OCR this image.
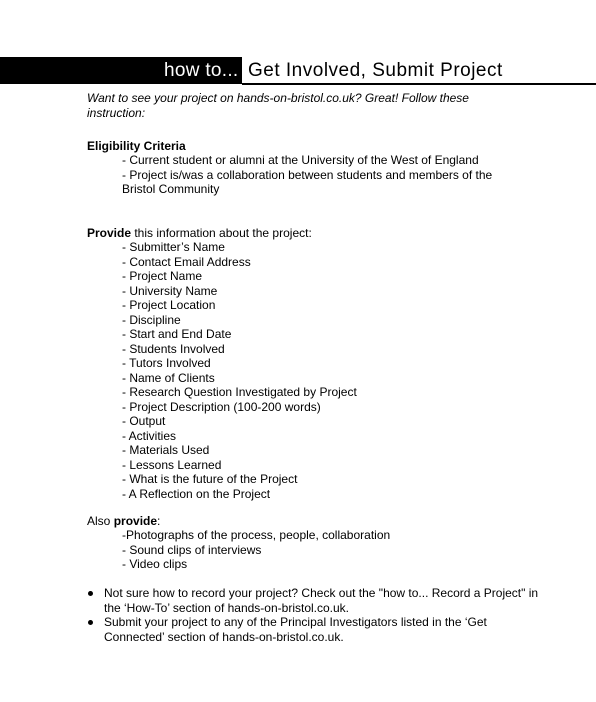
how to... Get Involved, Submit Project
Want to see your project on hands-on-bristol.co.uk? Great! Follow these instruction:
Eligibility Criteria
- Current student or alumni at the University of the West of England
- Project is/was a collaboration between students and members of the
Bristol Community
Provide this information about the project:
- Submitter’s Name
- Contact Email Address
- Project Name
- University Name
- Project Location
- Discipline
- Start and End Date
- Students Involved
- Tutors Involved
- Name of Clients
- Research Question Investigated by Project
- Project Description (100-200 words)
- Output
- Activities
- Materials Used
- Lessons Learned
- What is the future of the Project
- A Reflection on the Project
Also provide:
-Photographs of the process, people, collaboration
- Sound clips of interviews
- Video clips
Not sure how to record your project? Check out the "how to... Record a Project" in the ‘How-To’ section of hands-on-bristol.co.uk.
Submit your project to any of the Principal Investigators listed in the ‘Get Connected’ section of hands-on-bristol.co.uk.
